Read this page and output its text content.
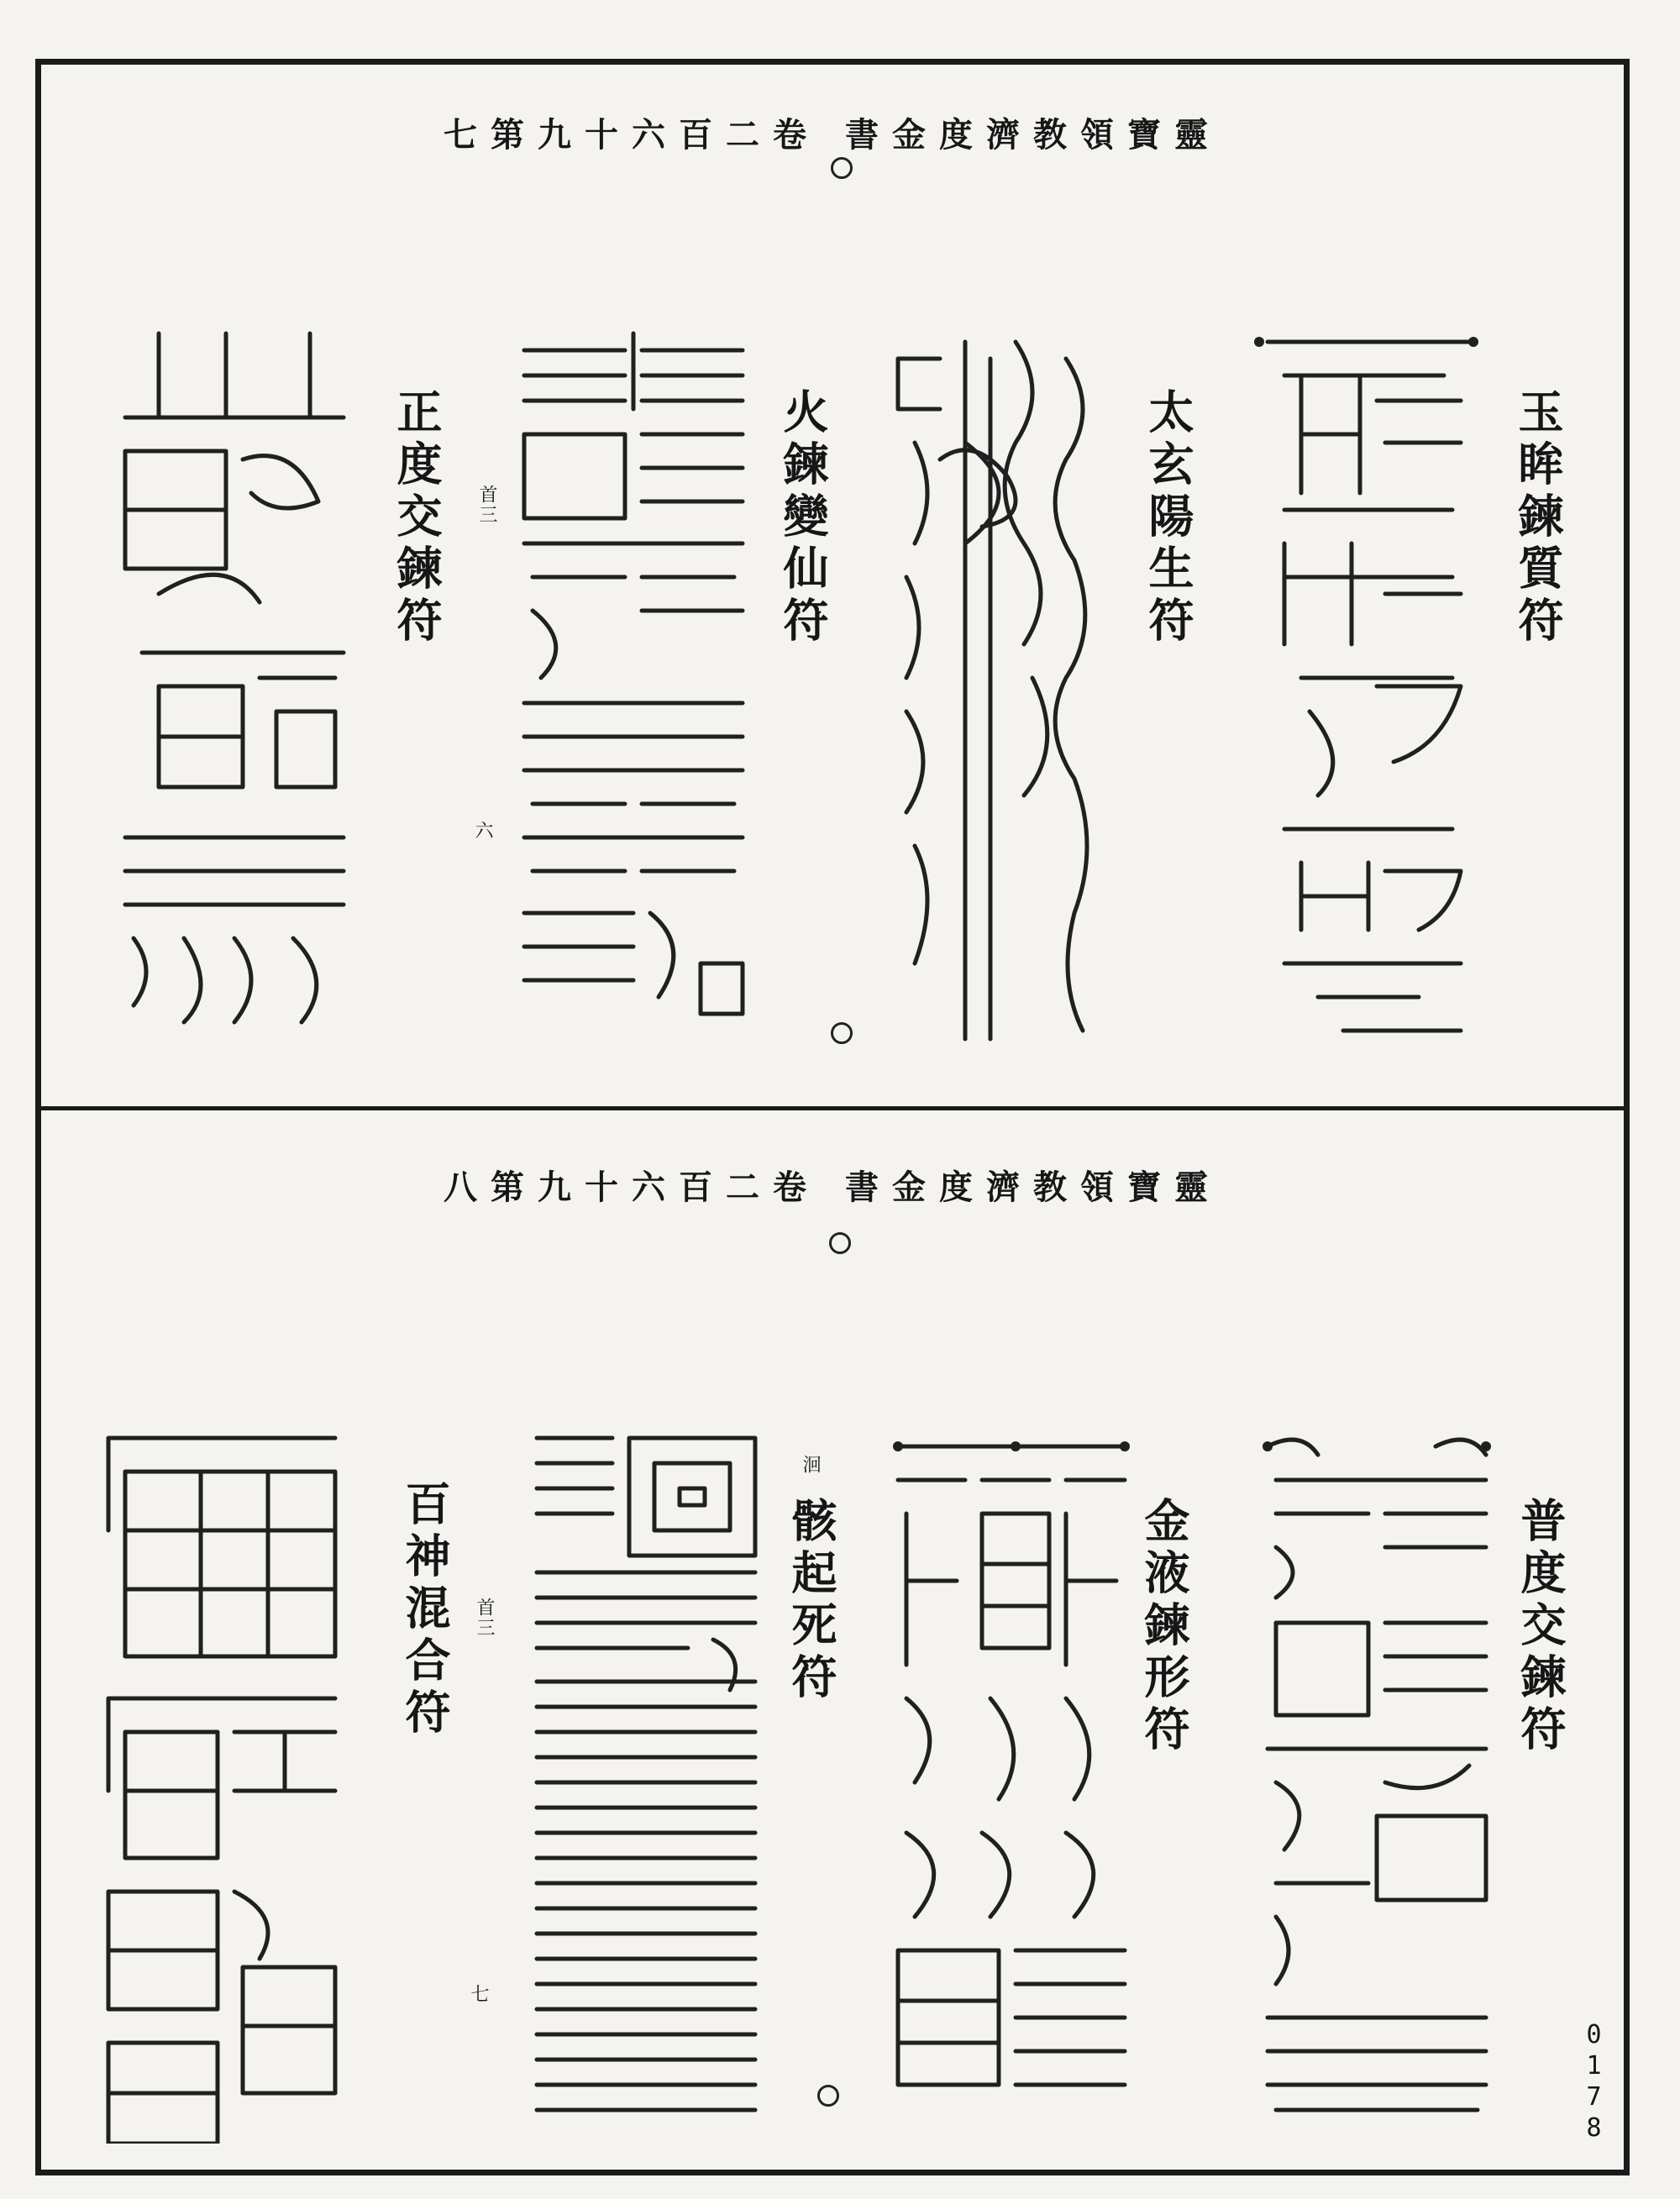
靈寶領教濟度金書 卷二百六十九第七
玉眸鍊質符
太玄陽生符
火鍊變仙符
正度交鍊符 首三
六
靈寶領教濟度金書 卷二百六十九第八
普度交鍊符
金液鍊形符
骸起死符
洄
百神混合符 首三
七
0178
